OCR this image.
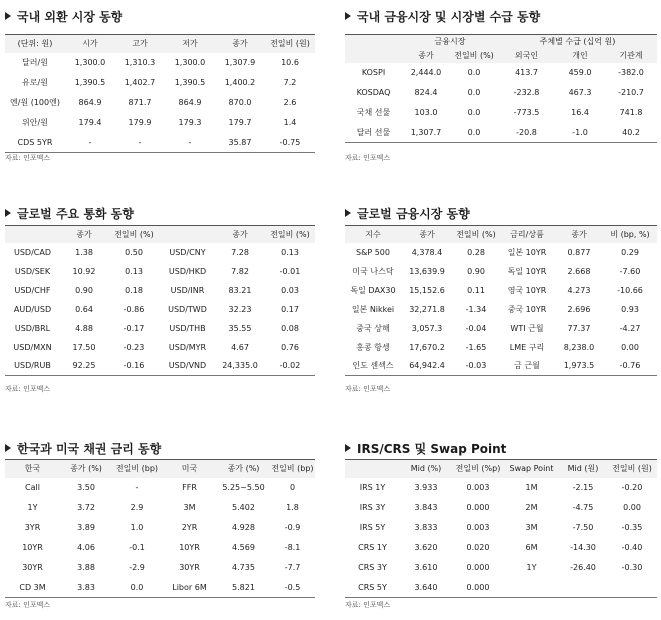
국내 외환 시장 동향
(단위: 원)	시가	고가	저가	종가	전일비 (원)
달러/원	1,300.0	1,310.3	1,300.0	1,307.9	10.6
유로/원	1,390.5	1,402.7	1,390.5	1,400.2	7.2
엔/원 (100엔)	864.9	871.7	864.9	870.0	2.6
위안/원	179.4	179.9	179.3	179.7	1.4
CDS 5YR	-	-	-	35.87	-0.75
자료: 인포맥스
국내 금융시장 및 시장별 수급 동향
	금융시장		주체별 수급 (십억 원)		
	종가	전일비 (%)	외국인	개인	기관계
KOSPI	2,444.0	0.0	413.7	459.0	-382.0
KOSDAQ	824.4	0.0	-232.8	467.3	-210.7
국채 선물	103.0	0.0	-773.5	16.4	741.8
달러 선물	1,307.7	0.0	-20.8	-1.0	40.2
자료: 인포맥스
글로벌 주요 통화 동향
	종가	전일비 (%)		종가	전일비 (%)
USD/CAD	1.38	0.50	USD/CNY	7.28	0.13
USD/SEK	10.92	0.13	USD/HKD	7.82	-0.01
USD/CHF	0.90	0.18	USD/INR	83.21	0.03
AUD/USD	0.64	-0.86	USD/TWD	32.23	0.17
USD/BRL	4.88	-0.17	USD/THB	35.55	0.08
USD/MXN	17.50	-0.23	USD/MYR	4.67	0.76
USD/RUB	92.25	-0.16	USD/VND	24,335.0	-0.02
자료: 인포맥스
글로벌 금융시장 동향
지수	종가	전일비 (%)	금리/상품	종가	비 (bp, %)
S&P 500	4,378.4	0.28	일본 10YR	0.877	0.29
미국 나스닥	13,639.9	0.90	독일 10YR	2.668	-7.60
독일 DAX30	15,152.6	0.11	영국 10YR	4.273	-10.66
일본 Nikkei	32,271.8	-1.34	중국 10YR	2.696	0.93
중국 상해	3,057.3	-0.04	WTI 근월	77.37	-4.27
홍콩 항셍	17,670.2	-1.65	LME 구리	8,238.0	0.00
인도 센섹스	64,942.4	-0.03	금 근월	1,973.5	-0.76
자료: 인포맥스
한국과 미국 채권 금리 동향
한국	종가 (%)	전일비 (bp)	미국	종가 (%)	전일비 (bp)
Call	3.50	-	FFR	5.25~5.50	0
1Y	3.72	2.9	3M	5.402	1.8
3YR	3.89	1.0	2YR	4.928	-0.9
10YR	4.06	-0.1	10YR	4.569	-8.1
30YR	3.88	-2.9	30YR	4.735	-7.7
CD 3M	3.83	0.0	Libor 6M	5.821	-0.5
자료: 인포맥스
IRS/CRS 및 Swap Point
	Mid (%)	전일비 (%p)	Swap Point	Mid (원)	전일비 (원)
IRS 1Y	3.933	0.003	1M	-2.15	-0.20
IRS 3Y	3.843	0.000	2M	-4.75	0.00
IRS 5Y	3.833	0.003	3M	-7.50	-0.35
CRS 1Y	3.620	0.020	6M	-14.30	-0.40
CRS 3Y	3.610	0.000	1Y	-26.40	-0.30
CRS 5Y	3.640	0.000			
자료: 인포맥스
